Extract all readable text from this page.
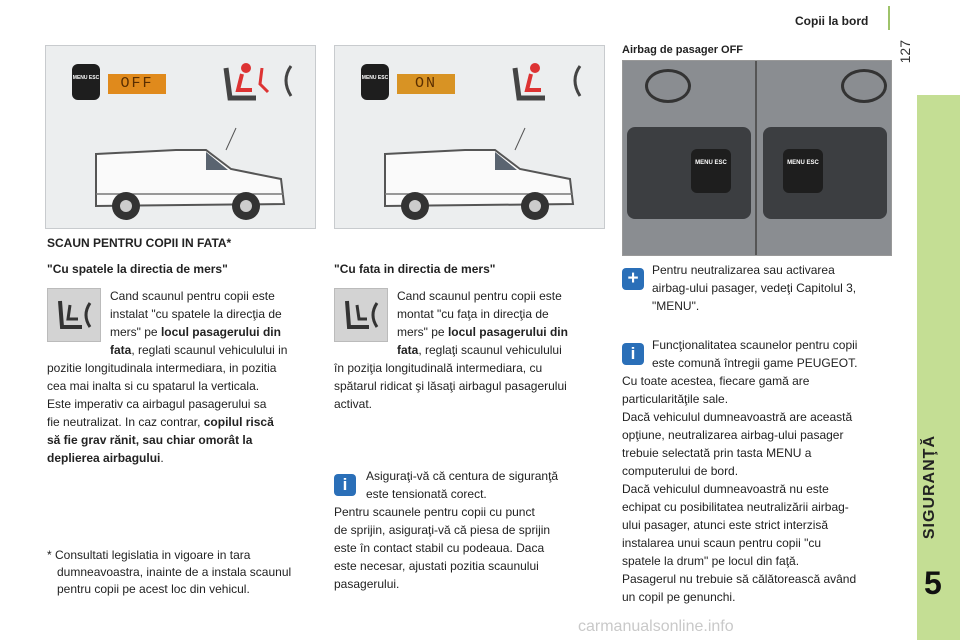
Copii la bord
127
SIGURANŢĂ
5
MENU ESC	OFF	MENU ESC	ON
SCAUN PENTRU COPII IN FATA*
"Cu spatele la directia de mers"
Cand scaunul pentru copii este
instalat "cu spatele la direcţia de
mers" pe locul pasagerului din
fata, reglati scaunul vehiculului in
pozitie longitudinala intermediara, in pozitia
cea mai inalta si cu spatarul la verticala.
Este imperativ ca airbagul pasagerului sa
fie neutralizat. In caz contrar, copilul riscă
să fie grav rănit, sau chiar omorât la
deplierea airbagului.
* Consultati legislatia in vigoare in tara
dumneavoastra, inainte de a instala scaunul
pentru copii pe acest loc din vehicul.
"Cu fata in directia de mers"
Cand scaunul pentru copii este
montat "cu faţa in direcţia de
mers" pe locul pasagerului din
fata, reglaţi scaunul vehiculului
în poziţia longitudinală intermediara, cu
spătarul ridicat şi lăsaţi airbagul pasagerului
activat.
i	Asiguraţi-vă că centura de siguranţă
este tensionată corect.
Pentru scaunele pentru copii cu punct
de sprijin, asiguraţi-vă că piesa de sprijin
este în contact stabil cu podeaua. Daca
este necesar, ajustati pozitia scaunului
pasagerului.
Airbag de pasager OFF
MENU ESC	MENU ESC
+	Pentru neutralizarea sau activarea
airbag-ului pasager, vedeţi Capitolul 3,
"MENU".
i	Funcţionalitatea scaunelor pentru copii
este comună întregii game PEUGEOT.
Cu toate acestea, fiecare gamă are
particularităţile sale.
Dacă vehiculul dumneavoastră are această
opţiune, neutralizarea airbag-ului pasager
trebuie selectată prin tasta MENU a
computerului de bord.
Dacă vehiculul dumneavoastră nu este
echipat cu posibilitatea neutralizării airbag-
ului pasager, atunci este strict interzisă
instalarea unui scaun pentru copii "cu
spatele la drum" pe locul din faţă.
Pasagerul nu trebuie să călătorească având
un copil pe genunchi.
carmanualsonline.info
